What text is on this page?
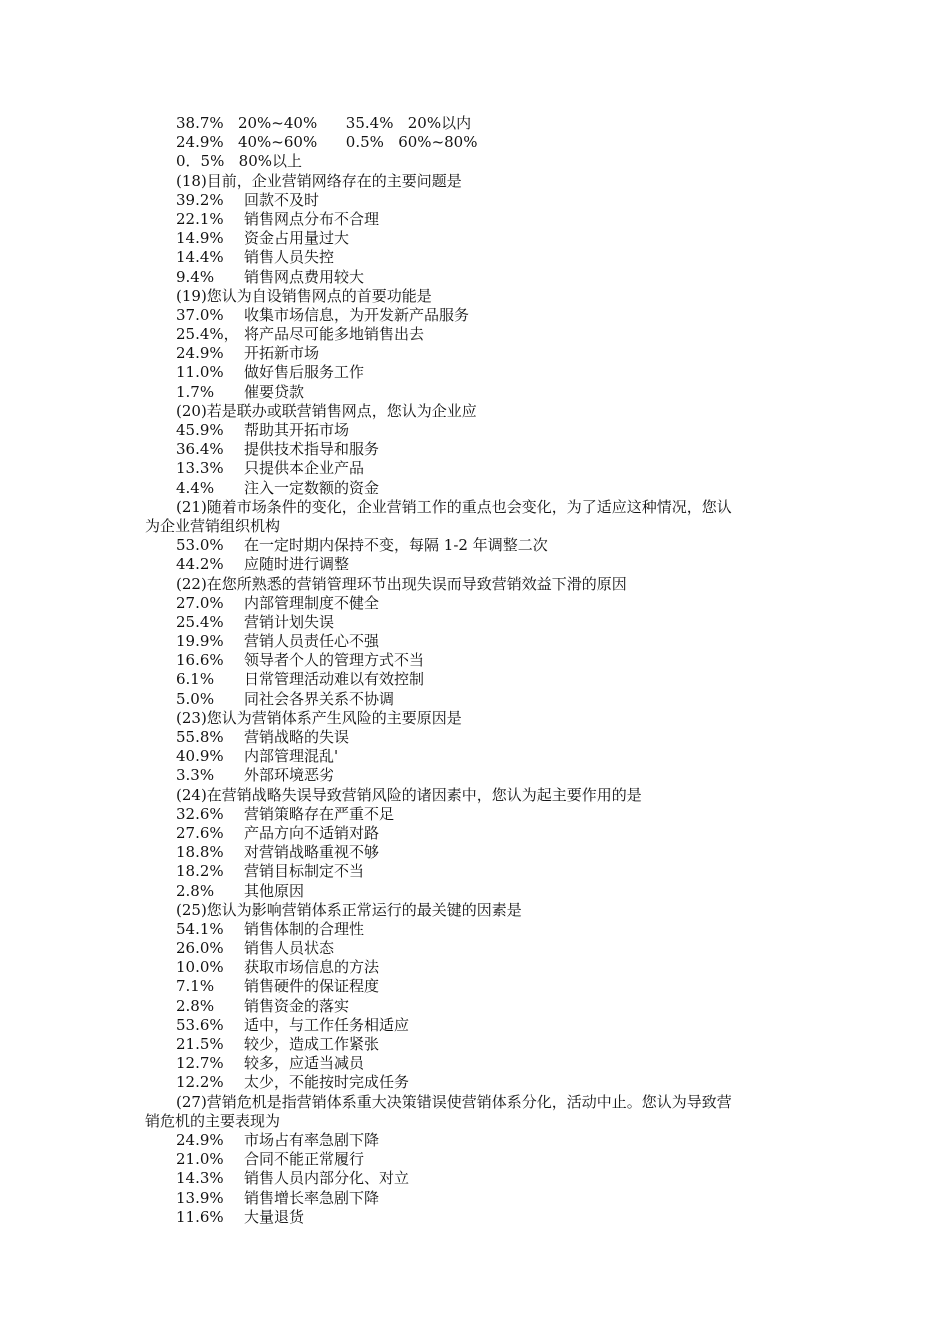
38.7%   20%~40%      35.4%   20%以内
24.9%   40%~60%      0.5%   60%~80%
0．5%   80%以上
(18)目前，企业营销网络存在的主要问题是
39.2% 回款不及时
22.1% 销售网点分布不合理
14.9% 资金占用量过大
14.4% 销售人员失控
9.4% 销售网点费用较大
(19)您认为自设销售网点的首要功能是
37.0% 收集市场信息，为开发新产品服务
25.4%， 将产品尽可能多地销售出去
24.9% 开拓新市场
11.0% 做好售后服务工作
1.7% 催要贷款
(20)若是联办或联营销售网点，您认为企业应
45.9% 帮助其开拓市场
36.4% 提供技术指导和服务
13.3% 只提供本企业产品
4.4% 注入一定数额的资金
(21)随着市场条件的变化，企业营销工作的重点也会变化，为了适应这种情况，您认
为企业营销组织机构
53.0% 在一定时期内保持不变，每隔 1-2 年调整二次
44.2% 应随时进行调整
(22)在您所熟悉的营销管理环节出现失误而导致营销效益下滑的原因
27.0% 内部管理制度不健全
25.4% 营销计划失误
19.9% 营销人员责任心不强
16.6% 领导者个人的管理方式不当
6.1% 日常管理活动难以有效控制
5.0% 同社会各界关系不协调
(23)您认为营销体系产生风险的主要原因是
55.8% 营销战略的失误
40.9% 内部管理混乱'
3.3% 外部环境恶劣
(24)在营销战略失误导致营销风险的诸因素中，您认为起主要作用的是
32.6% 营销策略存在严重不足
27.6% 产品方向不适销对路
18.8% 对营销战略重视不够
18.2% 营销目标制定不当
2.8% 其他原因
(25)您认为影响营销体系正常运行的最关键的因素是
54.1% 销售体制的合理性
26.0% 销售人员状态
10.0% 获取市场信息的方法
7.1% 销售硬件的保证程度
2.8% 销售资金的落实
53.6% 适中，与工作任务相适应
21.5% 较少，造成工作紧张
12.7% 较多，应适当减员
12.2% 太少，不能按时完成任务
(27)营销危机是指营销体系重大决策错误使营销体系分化，活动中止。您认为导致营
销危机的主要表现为
24.9% 市场占有率急剧下降
21.0% 合同不能正常履行
14.3% 销售人员内部分化、对立
13.9% 销售增长率急剧下降
11.6% 大量退货
